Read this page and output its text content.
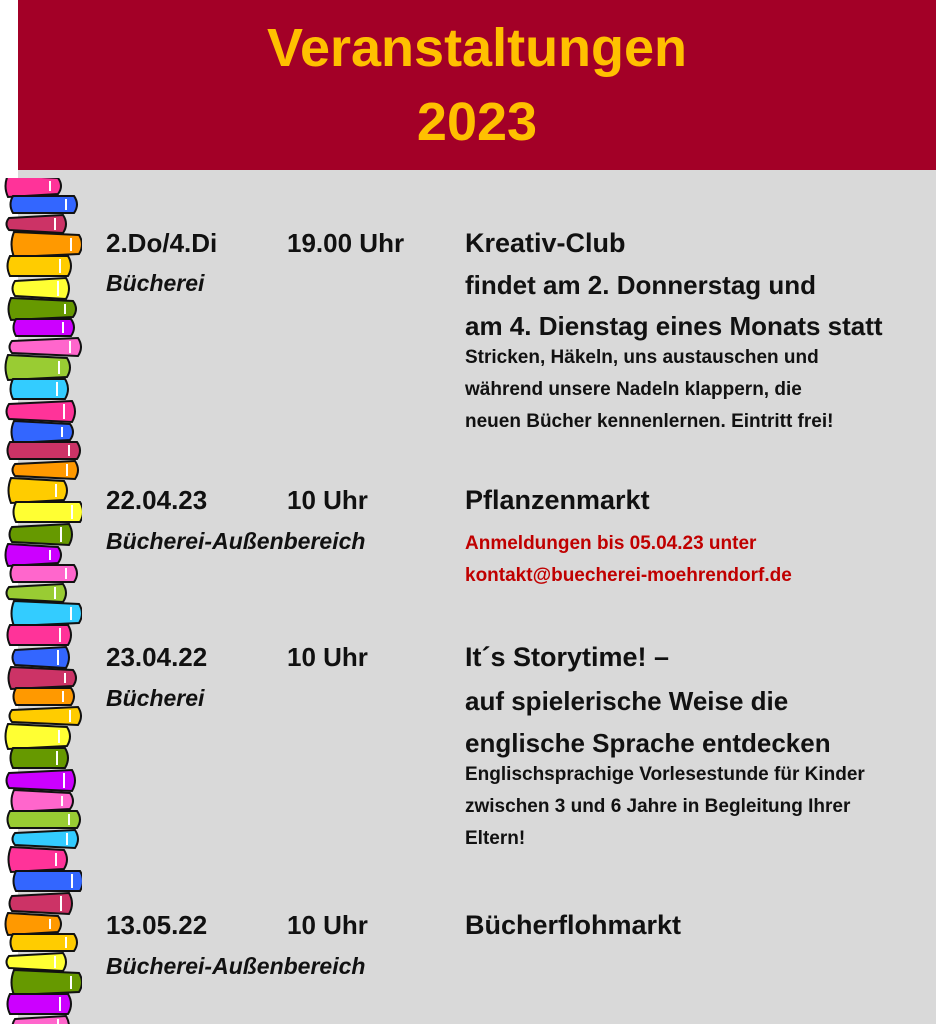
Veranstaltungen
2023
2.Do/4.Di	19.00 Uhr
Bücherei
Kreativ-Club
findet am 2. Donnerstag und
am 4. Dienstag eines Monats statt
Stricken, Häkeln, uns austauschen und
während unsere Nadeln klappern, die
neuen Bücher kennenlernen. Eintritt frei!
22.04.23	10 Uhr
Bücherei-Außenbereich
Pflanzenmarkt
Anmeldungen bis 05.04.23 unter
kontakt@buecherei-moehrendorf.de
23.04.22	10 Uhr
Bücherei
It´s Storytime! –
auf spielerische Weise die
englische Sprache entdecken
Englischsprachige Vorlesestunde für Kinder
zwischen 3 und 6 Jahre in Begleitung Ihrer
Eltern!
13.05.22	10 Uhr
Bücherei-Außenbereich
Bücherflohmarkt
